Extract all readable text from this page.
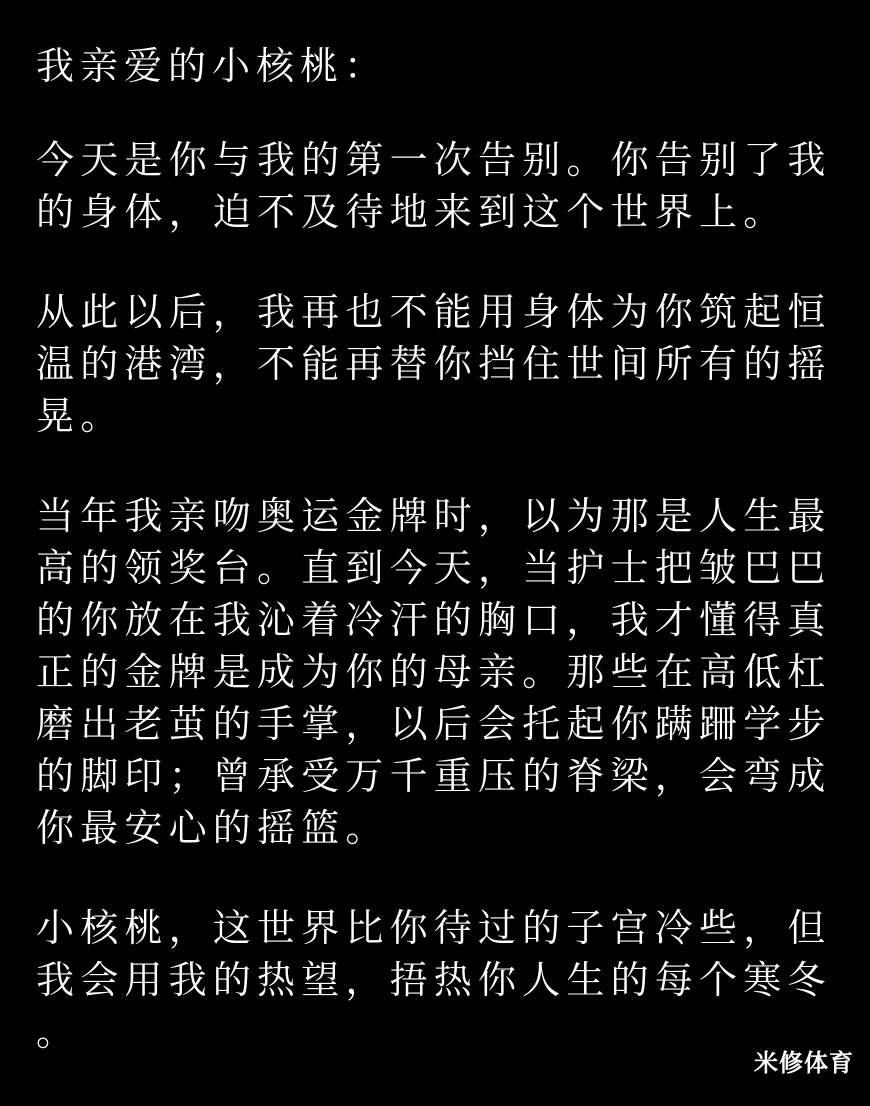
我亲爱的小核桃：
今天是你与我的第一次告别。你告别了我
的身体，迫不及待地来到这个世界上。
从此以后，我再也不能用身体为你筑起恒
温的港湾，不能再替你挡住世间所有的摇
晃。
当年我亲吻奥运金牌时，以为那是人生最
高的领奖台。直到今天，当护士把皱巴巴
的你放在我沁着冷汗的胸口，我才懂得真
正的金牌是成为你的母亲。那些在高低杠
磨出老茧的手掌，以后会托起你蹒跚学步
的脚印；曾承受万千重压的脊梁，会弯成
你最安心的摇篮。
小核桃，这世界比你待过的子宫冷些，但
我会用我的热望，捂热你人生的每个寒冬
。
米修体育
